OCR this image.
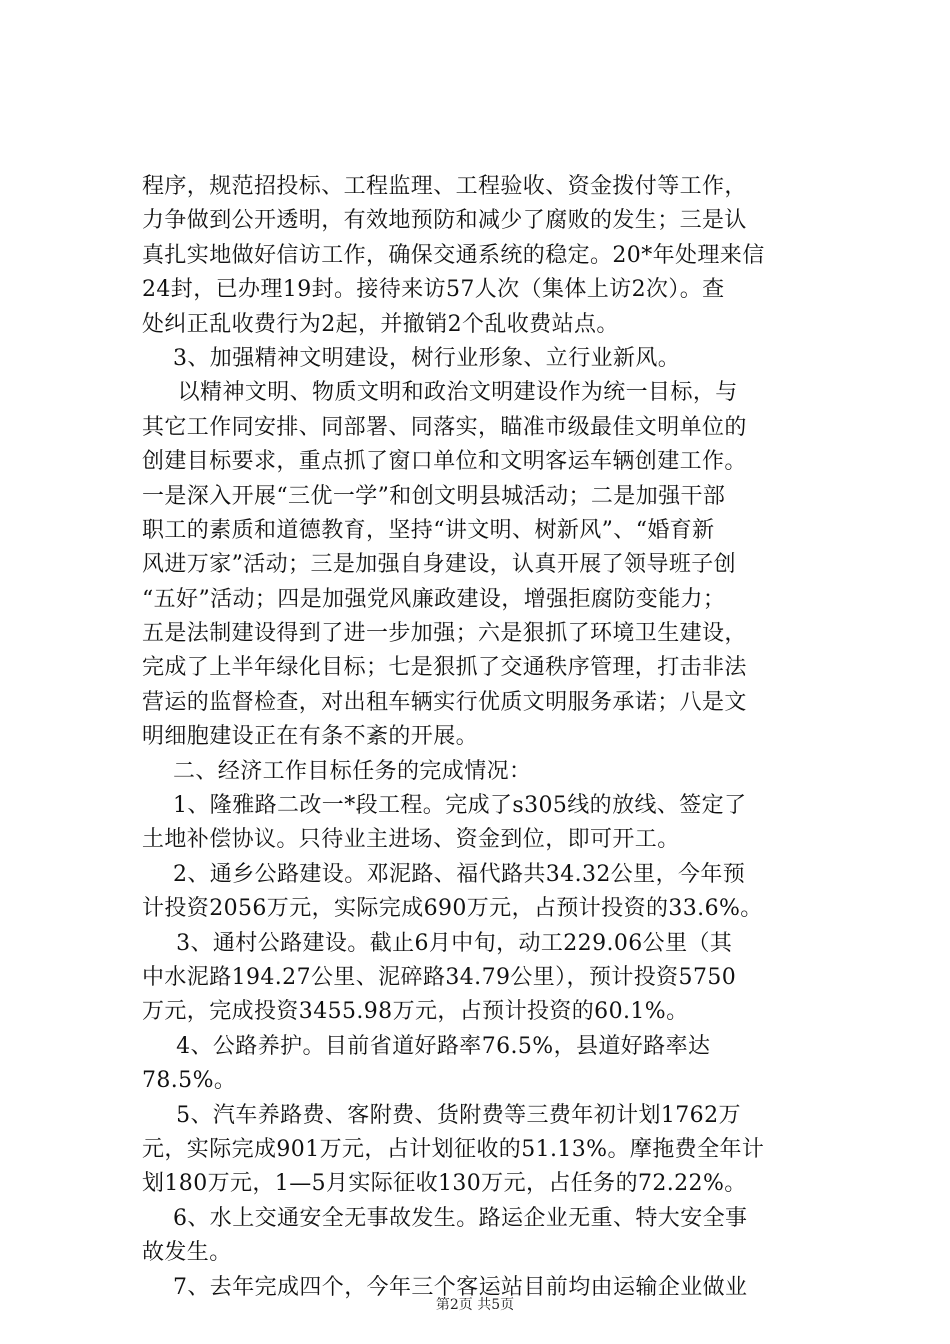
程序，规范招投标、工程监理、工程验收、资金拨付等工作，
力争做到公开透明，有效地预防和减少了腐败的发生；三是认
真扎实地做好信访工作，确保交通系统的稳定。20*年处理来信
24封，已办理19封。接待来访57人次（集体上访2次）。查
处纠正乱收费行为2起，并撤销2个乱收费站点。
3、加强精神文明建设，树行业形象、立行业新风。
以精神文明、物质文明和政治文明建设作为统一目标，与
其它工作同安排、同部署、同落实，瞄准市级最佳文明单位的
创建目标要求，重点抓了窗口单位和文明客运车辆创建工作。
一是深入开展“三优一学”和创文明县城活动；二是加强干部
职工的素质和道德教育，坚持“讲文明、树新风”、“婚育新
风进万家”活动；三是加强自身建设，认真开展了领导班子创
“五好”活动；四是加强党风廉政建设，增强拒腐防变能力；
五是法制建设得到了进一步加强；六是狠抓了环境卫生建设，
完成了上半年绿化目标；七是狠抓了交通秩序管理，打击非法
营运的监督检查，对出租车辆实行优质文明服务承诺；八是文
明细胞建设正在有条不紊的开展。
二、经济工作目标任务的完成情况：
1、隆雅路二改一*段工程。完成了s305线的放线、签定了
土地补偿协议。只待业主进场、资金到位，即可开工。
2、通乡公路建设。邓泥路、福代路共34.32公里，今年预
计投资2056万元，实际完成690万元，占预计投资的33.6%。
3、通村公路建设。截止6月中旬，动工229.06公里（其
中水泥路194.27公里、泥碎路34.79公里），预计投资5750
万元，完成投资3455.98万元，占预计投资的60.1%。
4、公路养护。目前省道好路率76.5%，县道好路率达
78.5%。
5、汽车养路费、客附费、货附费等三费年初计划1762万
元，实际完成901万元，占计划征收的51.13%。摩拖费全年计
划180万元，1—5月实际征收130万元，占任务的72.22%。
6、水上交通安全无事故发生。路运企业无重、特大安全事
故发生。
7、去年完成四个，今年三个客运站目前均由运输企业做业
第2页 共5页
